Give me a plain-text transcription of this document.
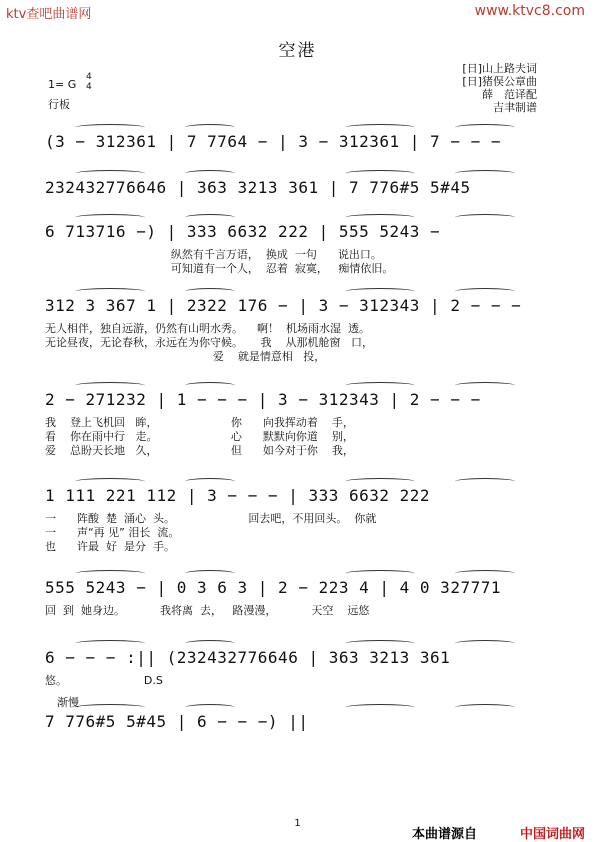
ktv查吧曲谱网	www.ktvc8.com
空港
[日]山上路夫词
[日]猪俣公章曲
薛　范译配
吉聿制谱
1= G
4
4
行板
(3 − 312361 | 7 7764 − | 3 − 312361 | 7 − − −
232432776646 | 363 3213 361 | 7 776#5 5#45
6 713716 −) | 333 6632 222 | 555 5243 −
纵然有千言万语，  换成  一句      说出口。
可知道有一个人，  忍着  寂寞，   痴情依旧。
312 3 367 1 | 2322 176 − | 3 − 312343 | 2 − − −
无人相伴，独自远游，仍然有山明水秀。    啊！  机场雨水湿  透。
无论昼夜，无论春秋，永远在为你守候。     我    从那机舱窗   口，
爱    就是情意相   投，
2 − 271232 | 1 − − − | 3 − 312343 | 2 − − −
我    登上飞机回   眸，                     你      向我挥动着    手，
看    你在雨中行   走。                     心      默默向你道    别，
爱    总盼天长地   久，                     但      如今对于你    我，
1 111 221 112 | 3 − − − | 333 6632 222
一      阵酸  楚  涌心  头。                     回去吧，不用回头。  你就
一      声“再 见” 泪长  流。
也      许最  好  是分  手。
555 5243 − | 0 3 6 3 | 2 − 223 4 | 4 0 327771
回  到  她身边。          我将离  去，   路漫漫，          天空    远悠
6 − − − :|| (232432776646 | 363 3213 361
悠。                      D.S
渐慢
7 776#5 5#45 | 6 − − −) ||
1
本曲谱源自	中国词曲网
